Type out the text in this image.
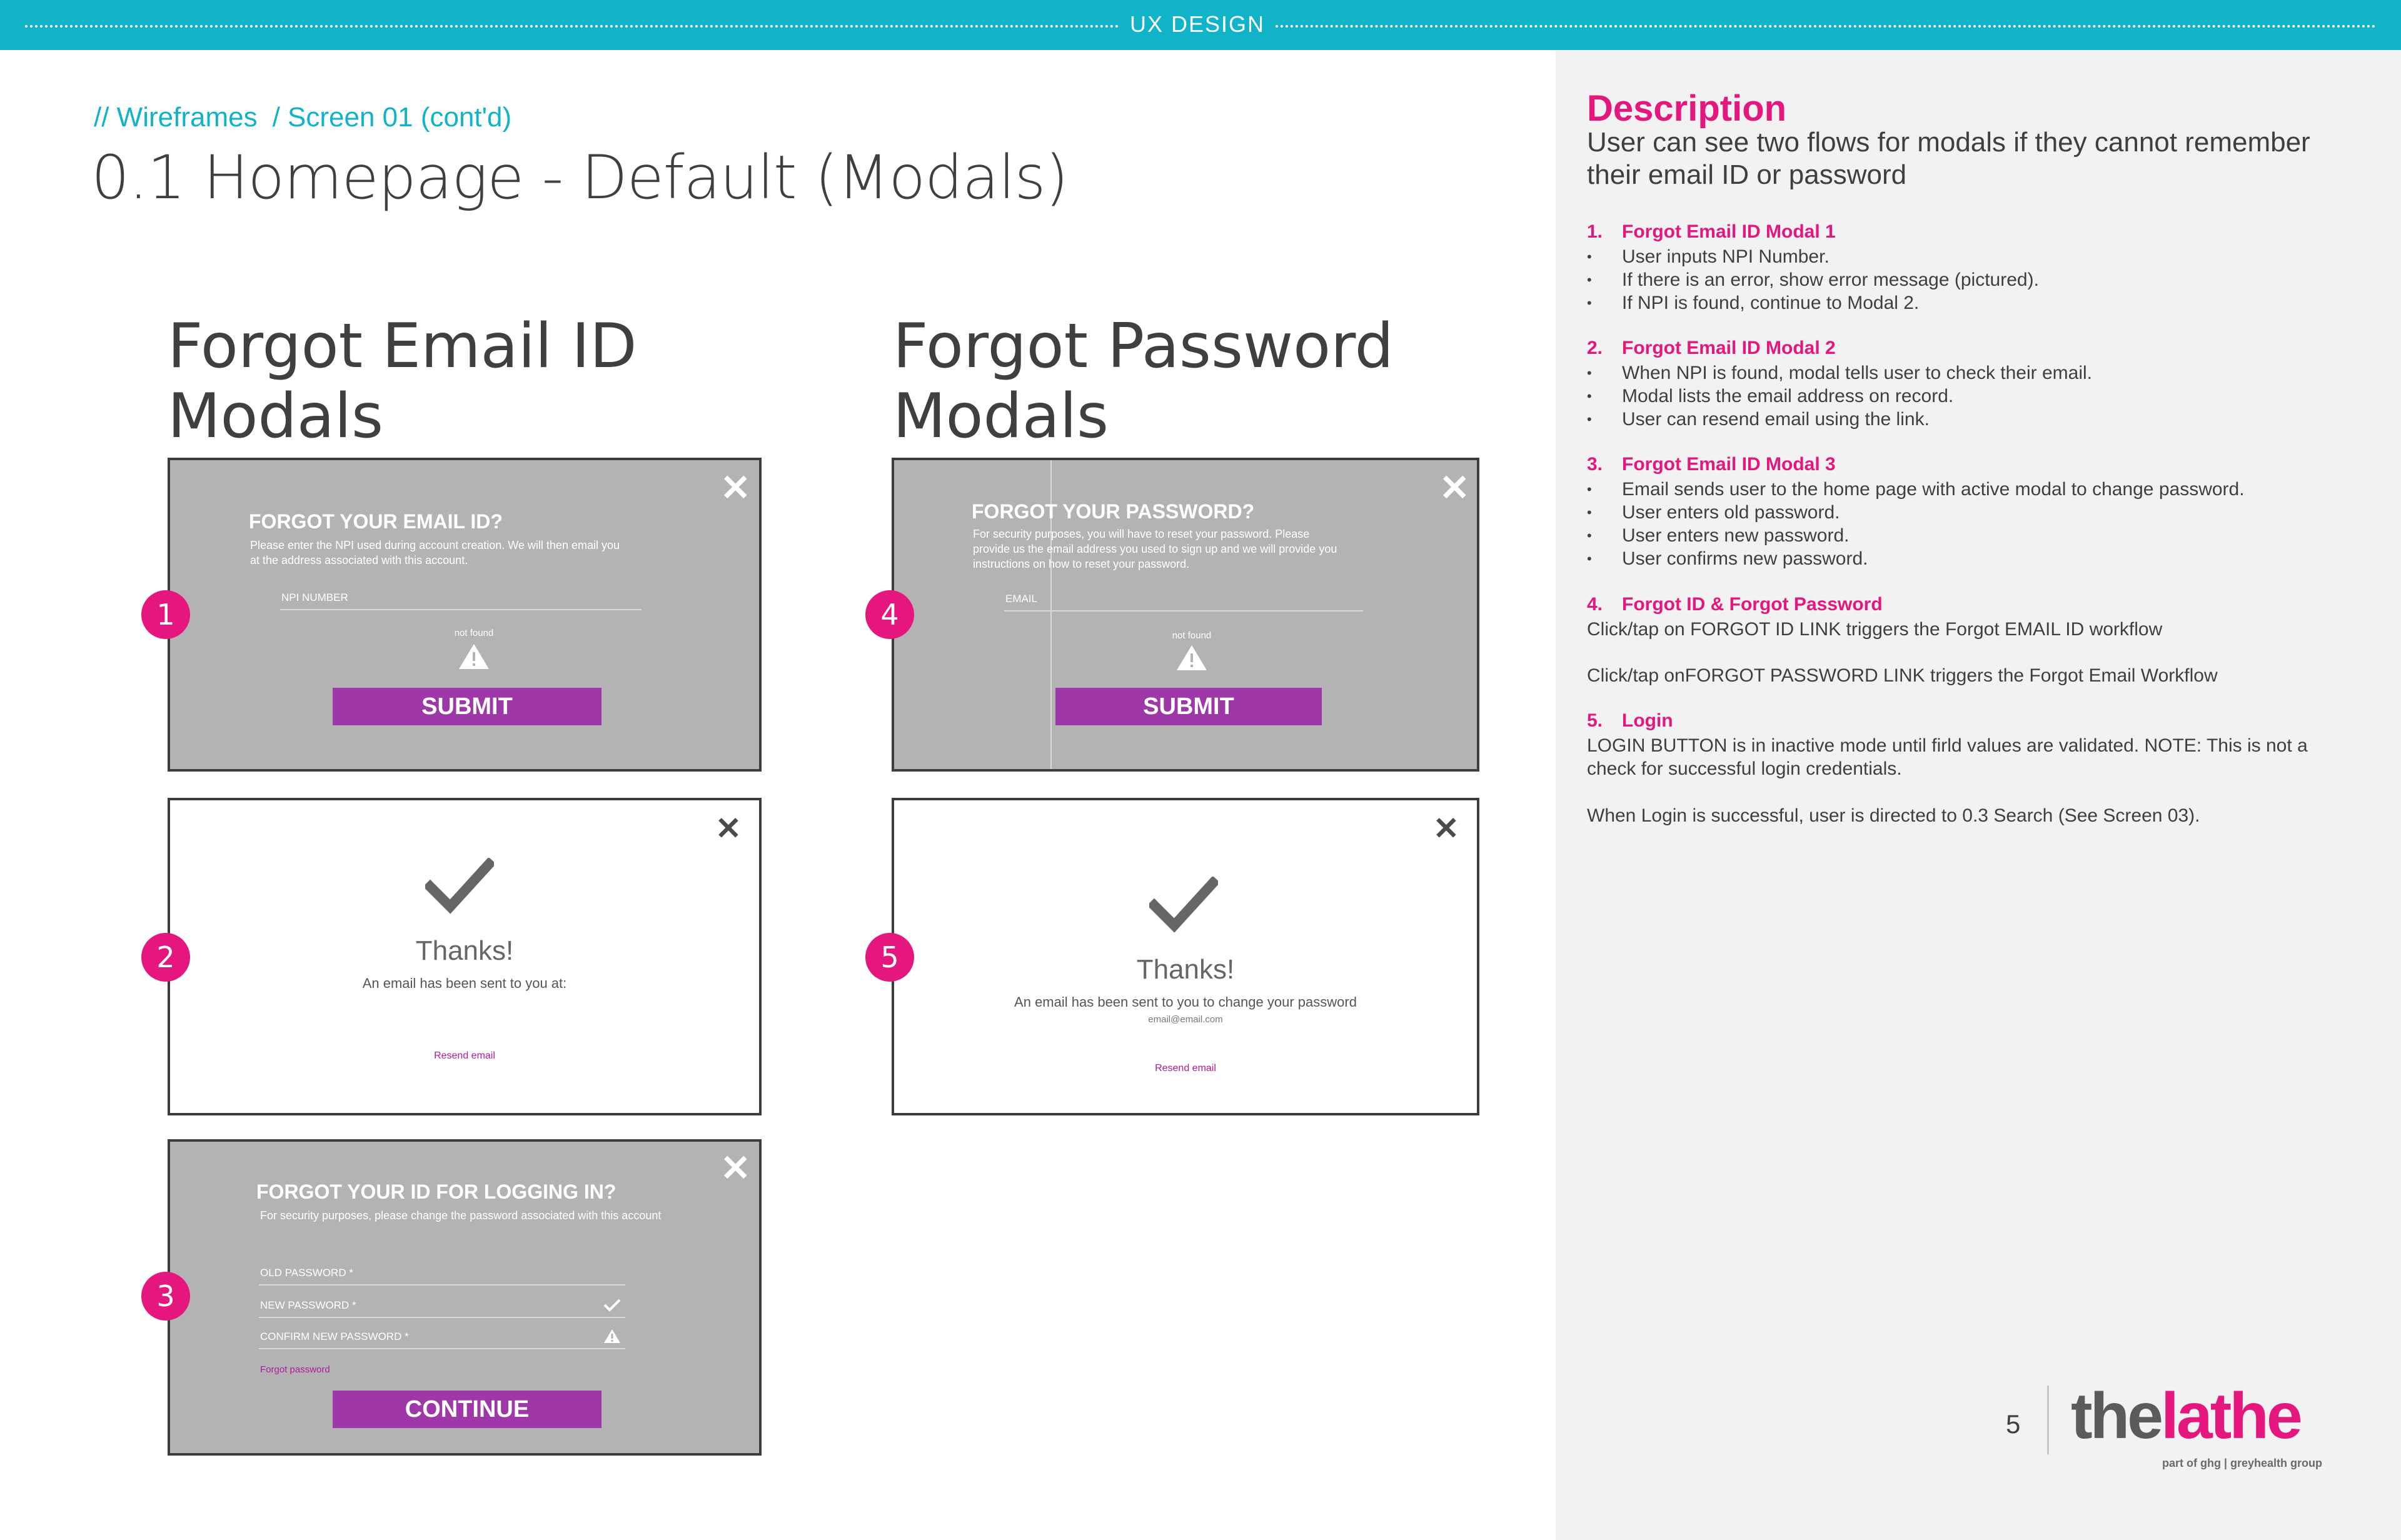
UX DESIGN
// Wireframes / Screen 01 (cont'd)
0.1 Homepage - Default (Modals)
Forgot Email ID
Modals
Forgot Password
Modals
✕
FORGOT YOUR EMAIL ID?
Please enter the NPI used during account creation. We will then email you at the address associated with this account.
NPI NUMBER
not found
SUBMIT
1
✕
FORGOT YOUR PASSWORD?
For security purposes, you will have to reset your password. Please provide us the email address you used to sign up and we will provide you instructions on how to reset your password.
EMAIL
not found
SUBMIT
4
✕
Thanks!
An email has been sent to you at:
Resend email
2
✕
Thanks!
An email has been sent to you to change your password
email@email.com
Resend email
5
✕
FORGOT YOUR ID FOR LOGGING IN?
For security purposes, please change the password associated with this account
OLD PASSWORD *
NEW PASSWORD *
CONFIRM NEW PASSWORD *
Forgot password
CONTINUE
3
Description
User can see two flows for modals if they cannot remember their email ID or password
1. Forgot Email ID Modal 1
• User inputs NPI Number.
• If there is an error, show error message (pictured).
• If NPI is found, continue to Modal 2.
2. Forgot Email ID Modal 2
• When NPI is found, modal tells user to check their email.
• Modal lists the email address on record.
• User can resend email using the link.
3. Forgot Email ID Modal 3
• Email sends user to the home page with active modal to change password.
• User enters old password.
• User enters new password.
• User confirms new password.
4. Forgot ID & Forgot Password
Click/tap on FORGOT ID LINK triggers the Forgot EMAIL ID workflow
Click/tap onFORGOT PASSWORD LINK triggers the Forgot Email Workflow
5. Login
LOGIN BUTTON is in inactive mode until firld values are validated. NOTE: This is not a check for successful login credentials.
When Login is successful, user is directed to 0.3 Search (See Screen 03).
5 thelathe
part of ghg | greyhealth group
